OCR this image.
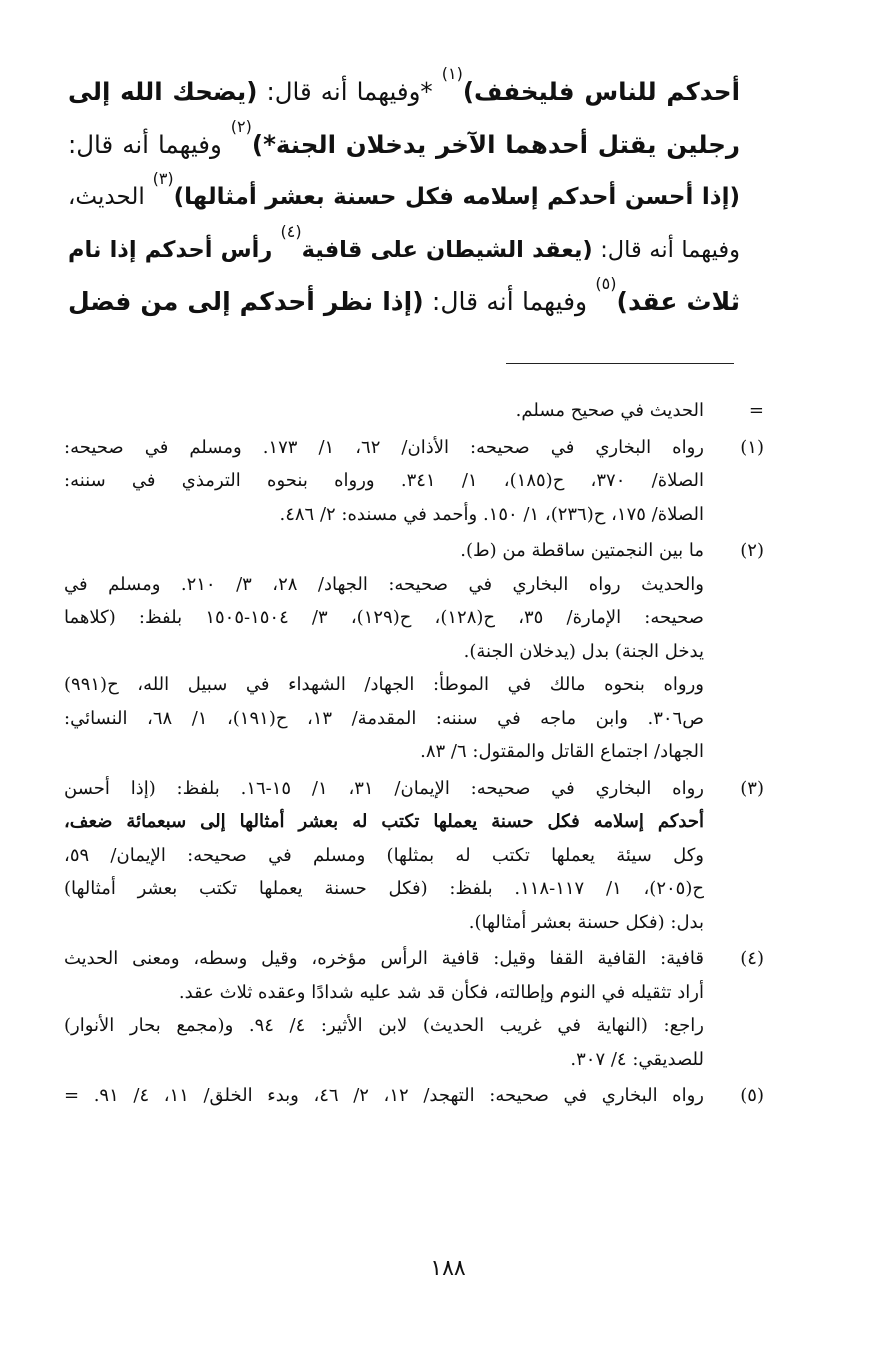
أحدكم للناس فليخفف)$^{(١)}$ *وفيهما أنه قال: (يضحك الله إلى
رجلين يقتل أحدهما الآخر يدخلان الجنة*)$^{(٢)}$ وفيهما أنه قال:
(إذا أحسن أحدكم إسلامه فكل حسنة بعشر أمثالها)$^{(٣)}$ الحديث،
وفيهما أنه قال: (يعقد الشيطان على قافية$^{(٤)}$ رأس أحدكم إذا نام
ثلاث عقد)$^{(٥)}$ وفيهما أنه قال: (إذا نظر أحدكم إلى من فضل
=
الحديث في صحيح مسلم.
(١)
رواه البخاري في صحيحه: الأذان/ ٦٢، ١/ ١٧٣. ومسلم في صحيحه:
الصلاة/ ٣٧٠، ح(١٨٥)، ١/ ٣٤١. ورواه بنحوه الترمذي في سننه:
الصلاة/ ١٧٥، ح(٢٣٦)، ١/ ١٥٠. وأحمد في مسنده: ٢/ ٤٨٦.
(٢)
ما بين النجمتين ساقطة من (ط).
والحديث رواه البخاري في صحيحه: الجهاد/ ٢٨، ٣/ ٢١٠. ومسلم في
صحيحه: الإمارة/ ٣٥، ح(١٢٨)، ح(١٢٩)، ٣/ ١٥٠٤-١٥٠٥ بلفظ: (كلاهما
يدخل الجنة) بدل (يدخلان الجنة).
ورواه بنحوه مالك في الموطأ: الجهاد/ الشهداء في سبيل الله، ح(٩٩١)
ص٣٠٦. وابن ماجه في سننه: المقدمة/ ١٣، ح(١٩١)، ١/ ٦٨، النسائي:
الجهاد/ اجتماع القاتل والمقتول: ٦/ ٨٣.
(٣)
رواه البخاري في صحيحه: الإيمان/ ٣١، ١/ ١٥-١٦. بلفظ: (إذا أحسن
أحدكم إسلامه فكل حسنة يعملها تكتب له بعشر أمثالها إلى سبعمائة ضعف،
وكل سيئة يعملها تكتب له بمثلها) ومسلم في صحيحه: الإيمان/ ٥٩،
ح(٢٠٥)، ١/ ١١٧-١١٨. بلفظ: (فكل حسنة يعملها تكتب بعشر أمثالها)
بدل: (فكل حسنة بعشر أمثالها).
(٤)
قافية: القافية القفا وقيل: قافية الرأس مؤخره، وقيل وسطه، ومعنى الحديث
أراد تثقيله في النوم وإطالته، فكأن قد شد عليه شدادًا وعقده ثلاث عقد.
راجع: (النهاية في غريب الحديث) لابن الأثير: ٤/ ٩٤. و(مجمع بحار الأنوار)
للصديقي: ٤/ ٣٠٧.
(٥)
رواه البخاري في صحيحه: التهجد/ ١٢، ٢/ ٤٦، وبدء الخلق/ ١١، ٤/ ٩١. =
١٨٨
